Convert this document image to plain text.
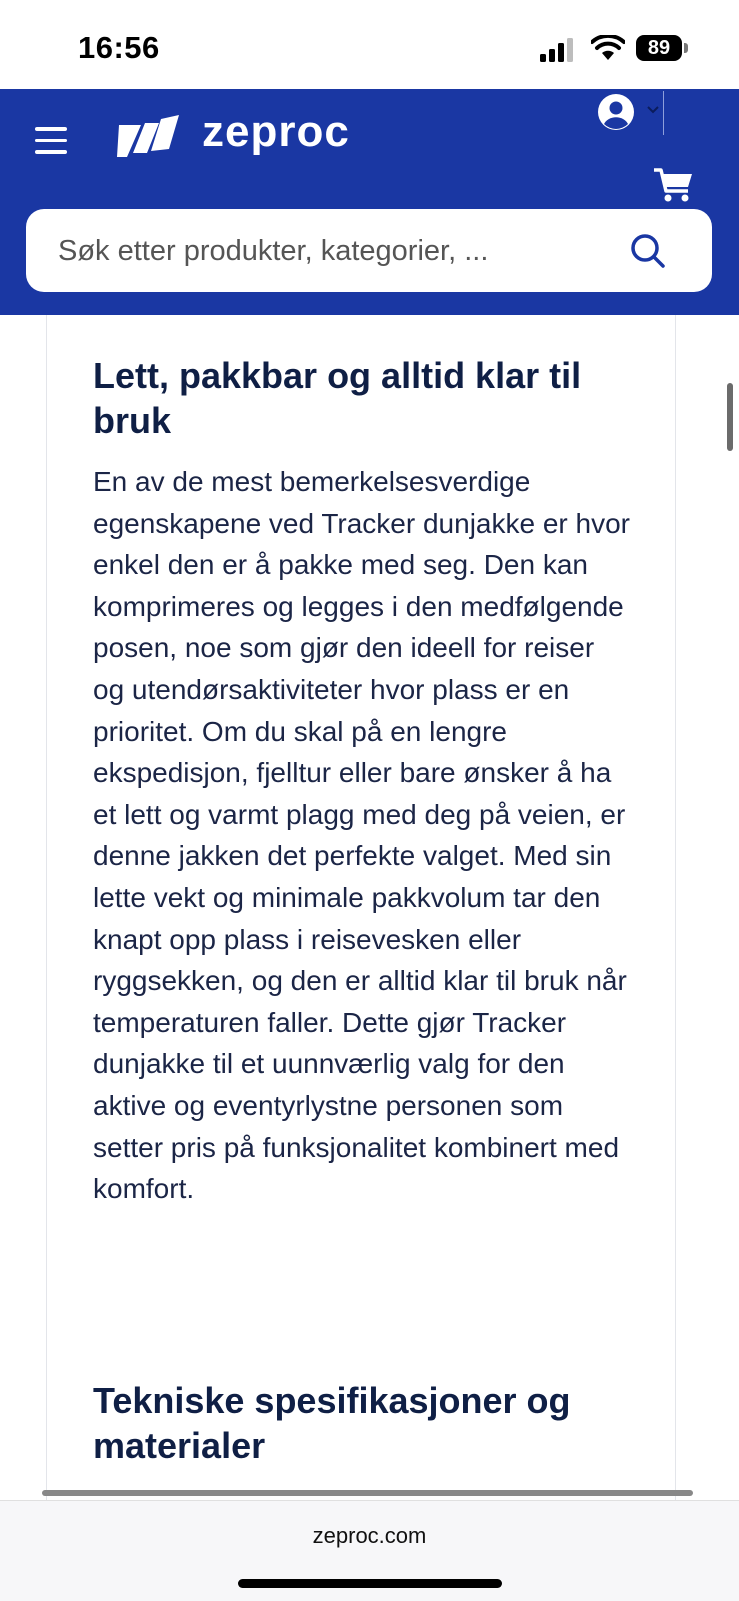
16:56	89
zeproc
Søk etter produkter, kategorier, ...
Lett, pakkbar og alltid klar til bruk

En av de mest bemerkelsesverdige egenskapene ved Tracker dunjakke er hvor enkel den er å pakke med seg. Den kan komprimeres og legges i den medfølgende posen, noe som gjør den ideell for reiser og utendørsaktiviteter hvor plass er en prioritet. Om du skal på en lengre ekspedisjon, fjelltur eller bare ønsker å ha et lett og varmt plagg med deg på veien, er denne jakken det perfekte valget. Med sin lette vekt og minimale pakkvolum tar den knapt opp plass i reisevesken eller ryggsekken, og den er alltid klar til bruk når temperaturen faller. Dette gjør Tracker dunjakke til et uunnværlig valg for den aktive og eventyrlystne personen som setter pris på funksjonalitet kombinert med komfort.

Tekniske spesifikasjoner og materialer
zeproc.com
